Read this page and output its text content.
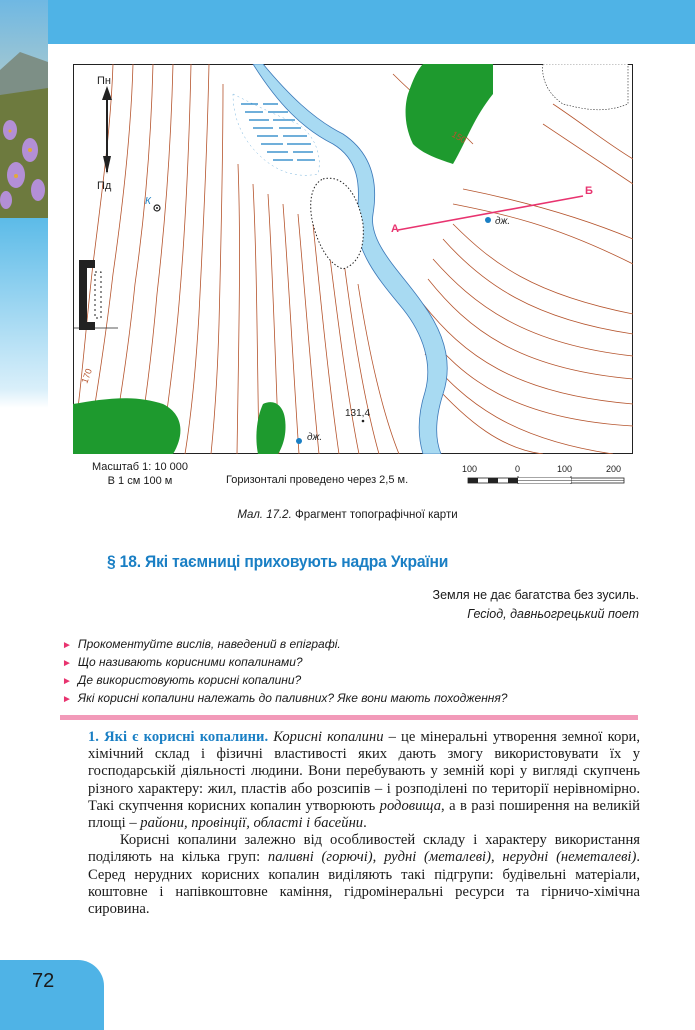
Пн
Пд
К
А
Б
дж.
дж.
150
170
131,4
Масштаб 1: 10 000
В 1 см 100 м	Горизонталі проведено через 2,5 м.
100	0	100	200
Мал. 17.2. Фрагмент топографічної карти
§ 18. Які таємниці приховують надра України
Земля не дає багатства без зусиль.
Гесіод, давньогрецький поет
► Прокоментуйте вислів, наведений в епіграфі.
► Що називають корисними копалинами?
► Де використовують корисні копалини?
► Які корисні копалини належать до паливних? Яке вони мають походження?

1. Які є корисні копалини. Корисні копалини – це мінеральні утворення земної кори, хімічний склад і фізичні властивості яких дають змогу використовувати їх у господарській діяльності людини. Вони перебувають у земній корі у вигляді скупчень різного характеру: жил, пластів або розсипів – і розподілені по території нерівномірно. Такі скупчення корисних копалин утворюють родовища, а в разі поширення на великій площі – райони, провінції, області і басейни.

Корисні копалини залежно від особливостей складу і характеру використання поділяють на кілька груп: паливні (горючі), рудні (металеві), нерудні (неметалеві). Серед нерудних корисних копалин виділяють такі підгрупи: будівельні матеріали, коштовне і напівкоштовне каміння, гідромінеральні ресурси та гірничо-хімічна сировина.

72
